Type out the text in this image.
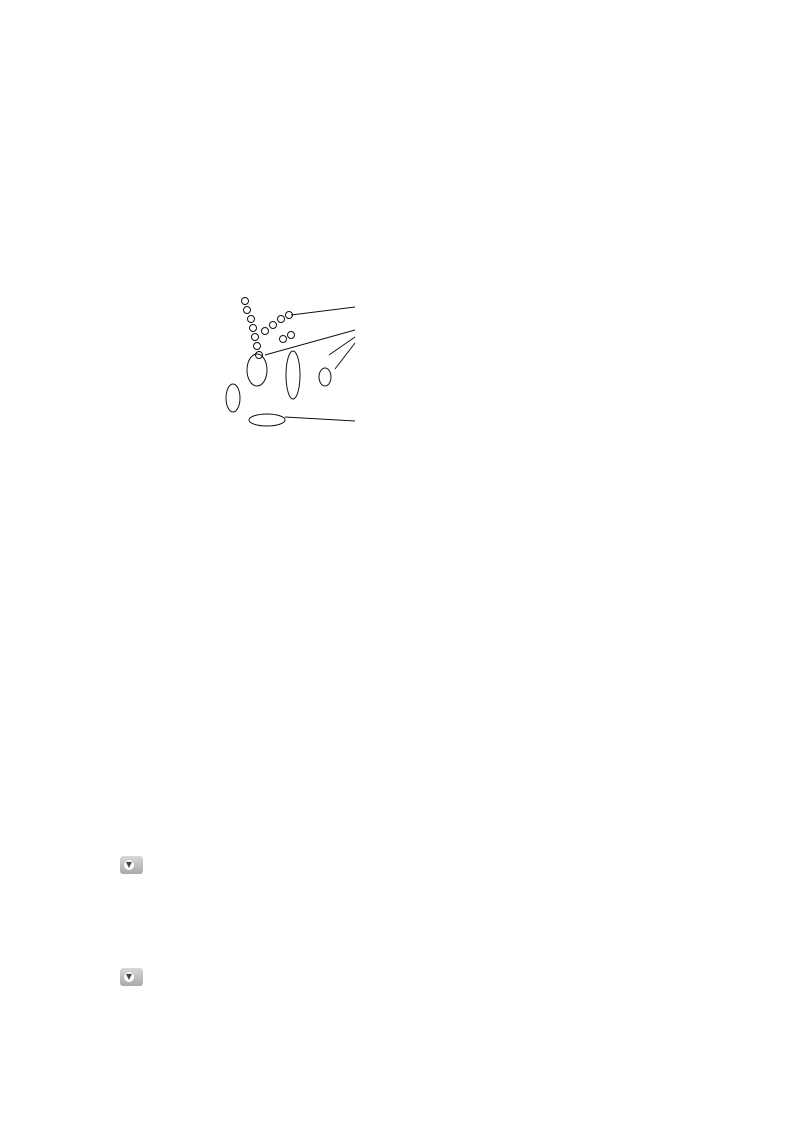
▼
▼
